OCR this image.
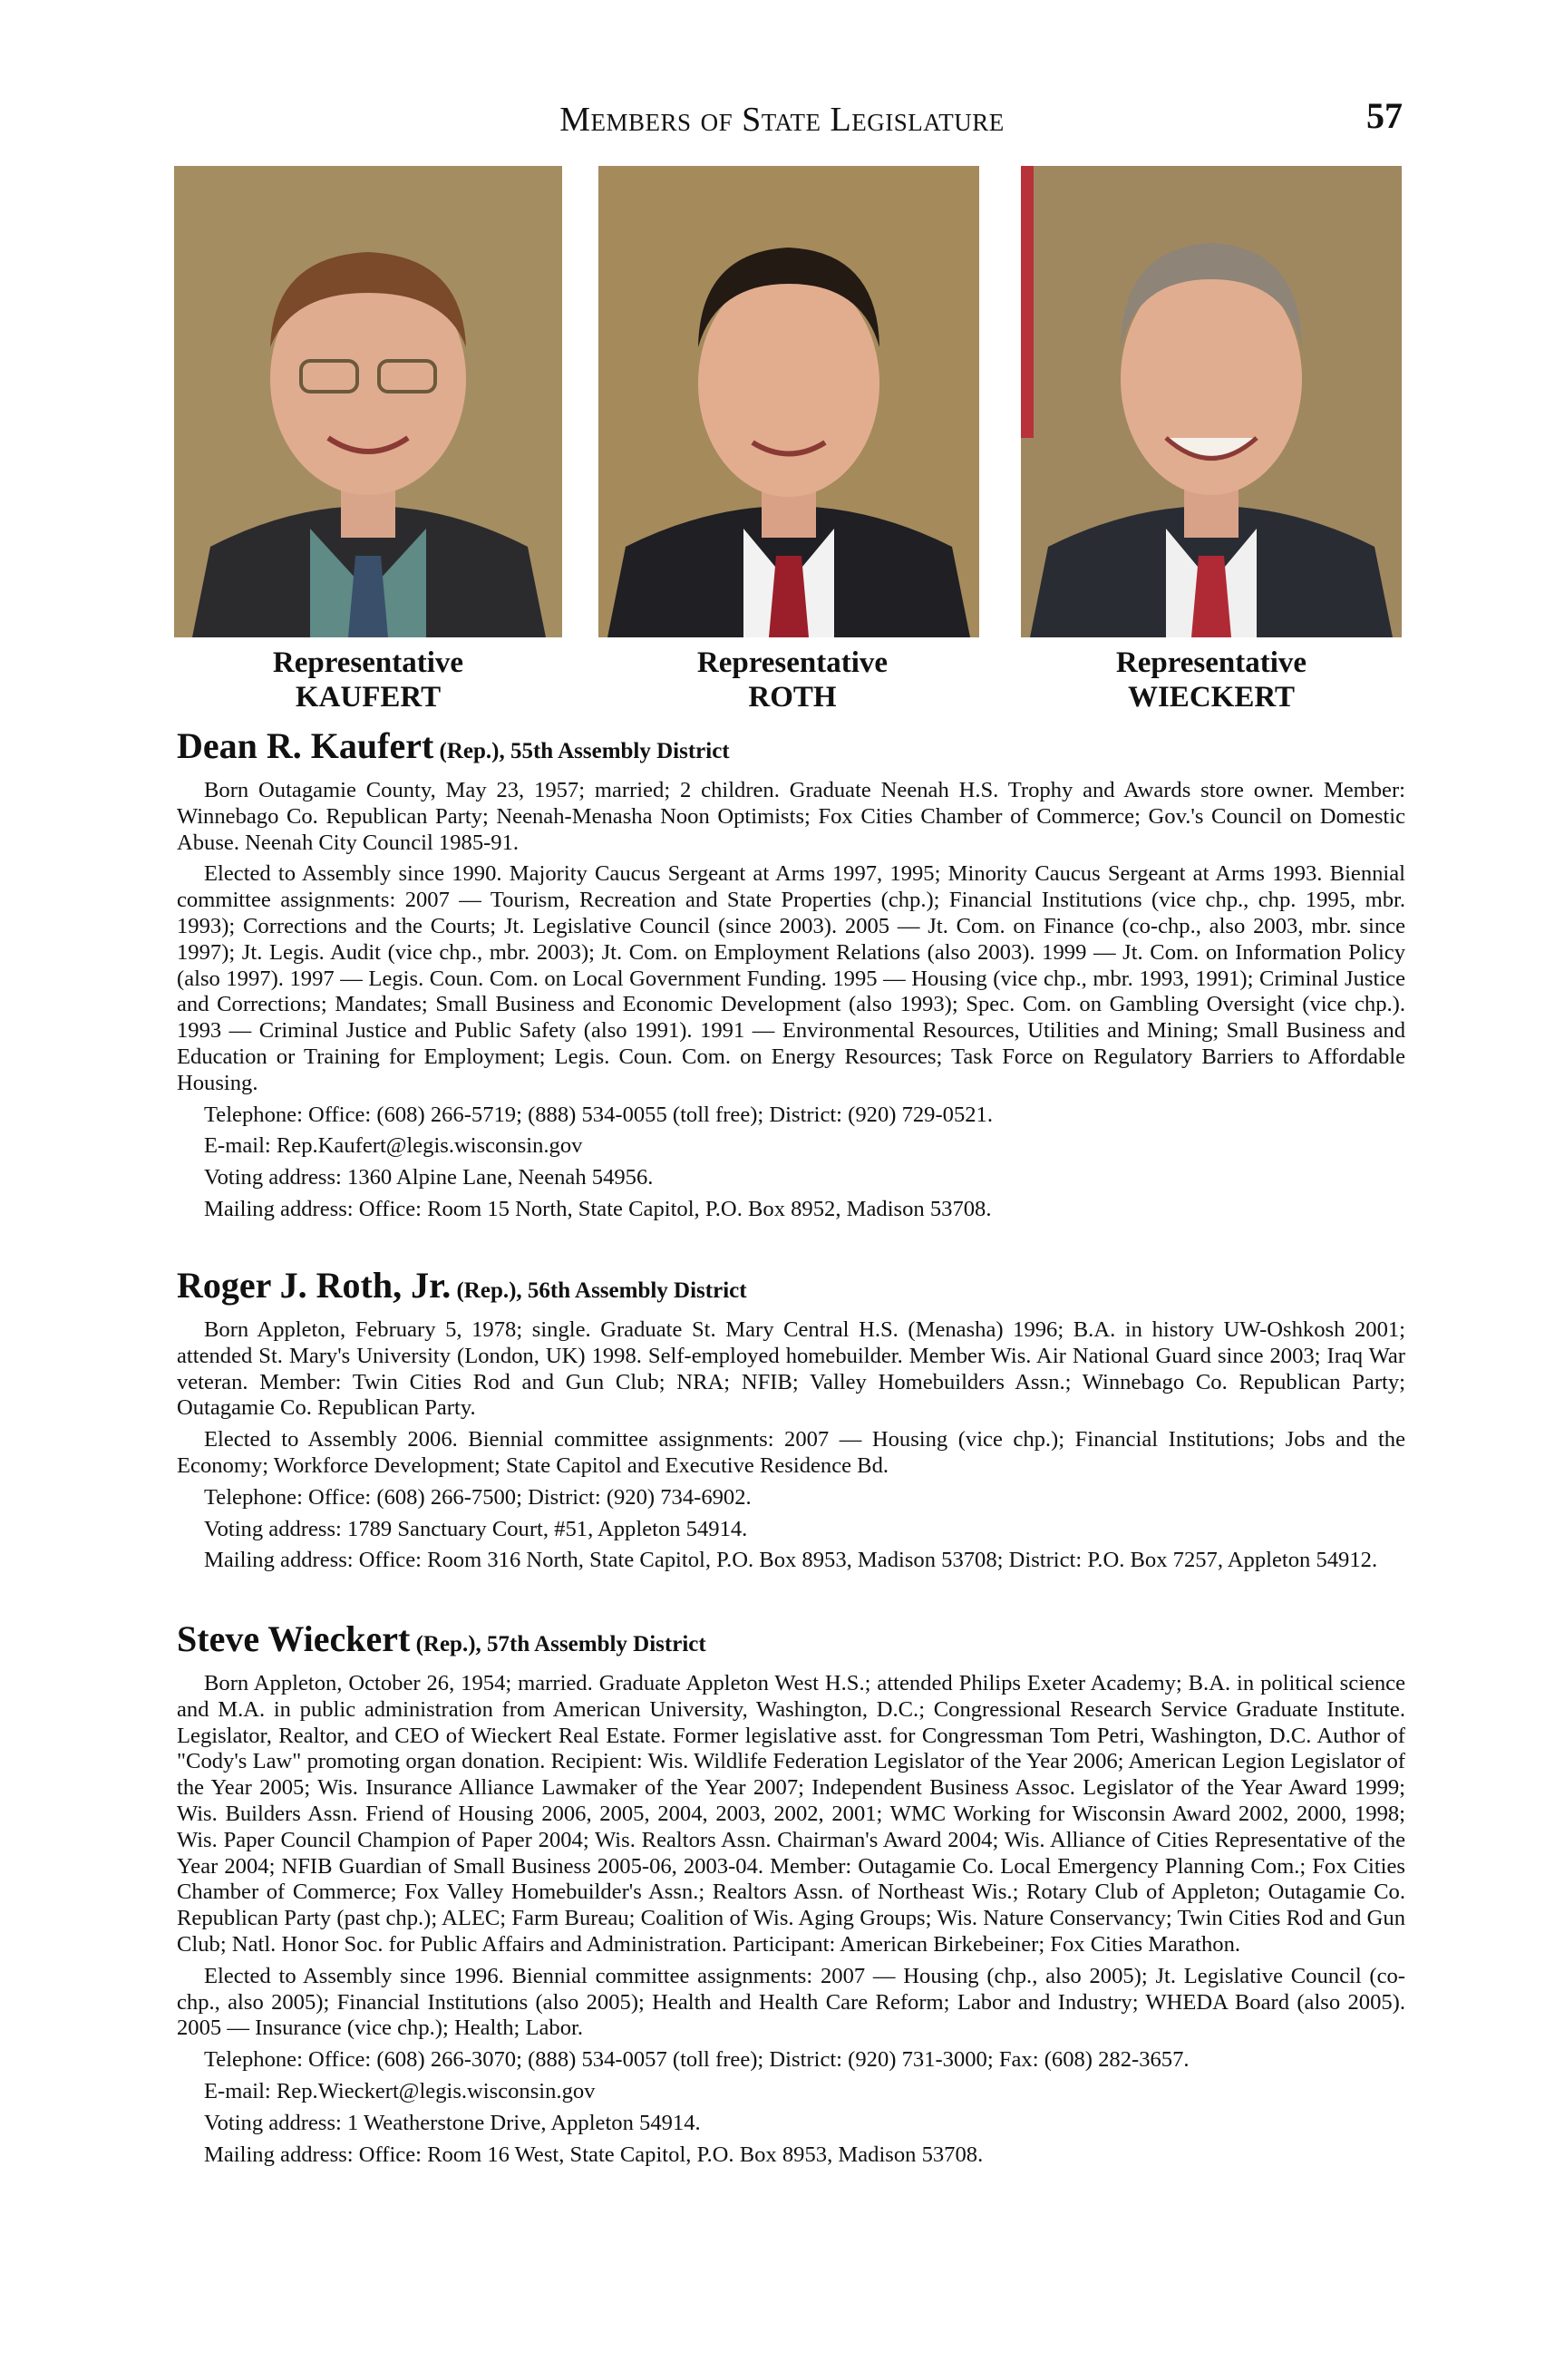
Members of State Legislature	57
Representative
KAUFERT
Representative
ROTH
Representative
WIECKERT
Dean R. Kaufert (Rep.), 55th Assembly District

Born Outagamie County, May 23, 1957; married; 2 children. Graduate Neenah H.S. Trophy and Awards store owner. Member: Winnebago Co. Republican Party; Neenah-Menasha Noon Optimists; Fox Cities Chamber of Commerce; Gov.'s Council on Domestic Abuse. Neenah City Council 1985-91.

Elected to Assembly since 1990. Majority Caucus Sergeant at Arms 1997, 1995; Minority Caucus Sergeant at Arms 1993. Biennial committee assignments: 2007 — Tourism, Recreation and State Properties (chp.); Financial Institutions (vice chp., chp. 1995, mbr. 1993); Corrections and the Courts; Jt. Legislative Council (since 2003). 2005 — Jt. Com. on Finance (co-chp., also 2003, mbr. since 1997); Jt. Legis. Audit (vice chp., mbr. 2003); Jt. Com. on Employment Relations (also 2003). 1999 — Jt. Com. on Information Policy (also 1997). 1997 — Legis. Coun. Com. on Local Government Funding. 1995 — Housing (vice chp., mbr. 1993, 1991); Criminal Justice and Corrections; Mandates; Small Business and Economic Development (also 1993); Spec. Com. on Gambling Oversight (vice chp.). 1993 — Criminal Justice and Public Safety (also 1991). 1991 — Environmental Resources, Utilities and Mining; Small Business and Education or Training for Employment; Legis. Coun. Com. on Energy Resources; Task Force on Regulatory Barriers to Affordable Housing.

Telephone: Office: (608) 266-5719; (888) 534-0055 (toll free); District: (920) 729-0521.

E-mail: Rep.Kaufert@legis.wisconsin.gov

Voting address: 1360 Alpine Lane, Neenah 54956.

Mailing address: Office: Room 15 North, State Capitol, P.O. Box 8952, Madison 53708.

Roger J. Roth, Jr. (Rep.), 56th Assembly District

Born Appleton, February 5, 1978; single. Graduate St. Mary Central H.S. (Menasha) 1996; B.A. in history UW-Oshkosh 2001; attended St. Mary's University (London, UK) 1998. Self-employed homebuilder. Member Wis. Air National Guard since 2003; Iraq War veteran. Member: Twin Cities Rod and Gun Club; NRA; NFIB; Valley Homebuilders Assn.; Winnebago Co. Republican Party; Outagamie Co. Republican Party.

Elected to Assembly 2006. Biennial committee assignments: 2007 — Housing (vice chp.); Financial Institutions; Jobs and the Economy; Workforce Development; State Capitol and Executive Residence Bd.

Telephone: Office: (608) 266-7500; District: (920) 734-6902.

Voting address: 1789 Sanctuary Court, #51, Appleton 54914.

Mailing address: Office: Room 316 North, State Capitol, P.O. Box 8953, Madison 53708; District: P.O. Box 7257, Appleton 54912.

Steve Wieckert (Rep.), 57th Assembly District

Born Appleton, October 26, 1954; married. Graduate Appleton West H.S.; attended Philips Exeter Academy; B.A. in political science and M.A. in public administration from American University, Washington, D.C.; Congressional Research Service Graduate Institute. Legislator, Realtor, and CEO of Wieckert Real Estate. Former legislative asst. for Congressman Tom Petri, Washington, D.C. Author of "Cody's Law" promoting organ donation. Recipient: Wis. Wildlife Federation Legislator of the Year 2006; American Legion Legislator of the Year 2005; Wis. Insurance Alliance Lawmaker of the Year 2007; Independent Business Assoc. Legislator of the Year Award 1999; Wis. Builders Assn. Friend of Housing 2006, 2005, 2004, 2003, 2002, 2001; WMC Working for Wisconsin Award 2002, 2000, 1998; Wis. Paper Council Champion of Paper 2004; Wis. Realtors Assn. Chairman's Award 2004; Wis. Alliance of Cities Representative of the Year 2004; NFIB Guardian of Small Business 2005-06, 2003-04. Member: Outagamie Co. Local Emergency Planning Com.; Fox Cities Chamber of Commerce; Fox Valley Homebuilder's Assn.; Realtors Assn. of Northeast Wis.; Rotary Club of Appleton; Outagamie Co. Republican Party (past chp.); ALEC; Farm Bureau; Coalition of Wis. Aging Groups; Wis. Nature Conservancy; Twin Cities Rod and Gun Club; Natl. Honor Soc. for Public Affairs and Administration. Participant: American Birkebeiner; Fox Cities Marathon.

Elected to Assembly since 1996. Biennial committee assignments: 2007 — Housing (chp., also 2005); Jt. Legislative Council (co-chp., also 2005); Financial Institutions (also 2005); Health and Health Care Reform; Labor and Industry; WHEDA Board (also 2005). 2005 — Insurance (vice chp.); Health; Labor.

Telephone: Office: (608) 266-3070; (888) 534-0057 (toll free); District: (920) 731-3000; Fax: (608) 282-3657.

E-mail: Rep.Wieckert@legis.wisconsin.gov

Voting address: 1 Weatherstone Drive, Appleton 54914.

Mailing address: Office: Room 16 West, State Capitol, P.O. Box 8953, Madison 53708.
